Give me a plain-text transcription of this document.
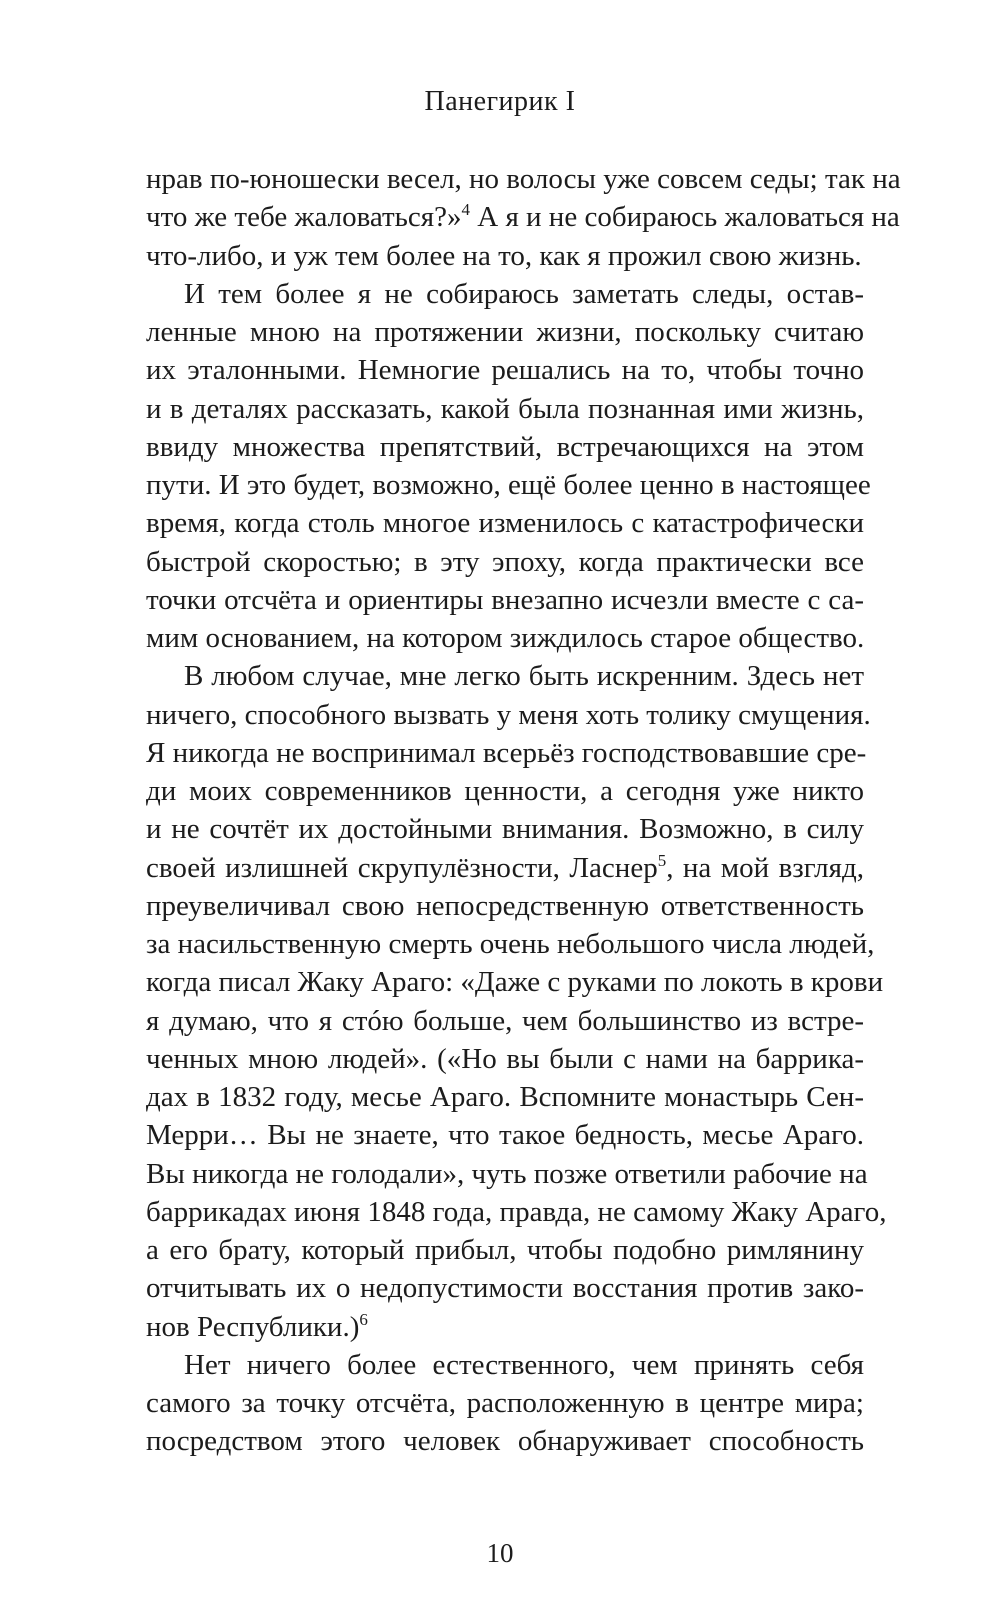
Панегирик I
нрав по-юношески весел, но волосы уже совсем седы; так на
что же тебе жаловаться?»$^4$ А я и не собираюсь жаловаться на
что-либо, и уж тем более на то, как я прожил свою жизнь.
И тем более я не собираюсь заметать следы, остав-
ленные мною на протяжении жизни, поскольку считаю
их эталонными. Немногие решались на то, чтобы точно
и в деталях рассказать, какой была познанная ими жизнь,
ввиду множества препятствий, встречающихся на этом
пути. И это будет, возможно, ещё более ценно в настоящее
время, когда столь многое изменилось с катастрофически
быстрой скоростью; в эту эпоху, когда практически все
точки отсчёта и ориентиры внезапно исчезли вместе с са-
мим основанием, на котором зиждилось старое общество.
В любом случае, мне легко быть искренним. Здесь нет
ничего, способного вызвать у меня хоть толику смущения.
Я никогда не воспринимал всерьёз господствовавшие сре-
ди моих современников ценности, а сегодня уже никто
и не сочтёт их достойными внимания. Возможно, в силу
своей излишней скрупулёзности, Ласнер$^5$, на мой взгляд,
преувеличивал свою непосредственную ответственность
за насильственную смерть очень небольшого числа людей,
когда писал Жаку Араго: «Даже с руками по локоть в крови
я думаю, что я стóю больше, чем большинство из встре-
ченных мною людей». («Но вы были с нами на баррика-
дах в 1832 году, месье Араго. Вспомните монастырь Сен-
Мерри… Вы не знаете, что такое бедность, месье Араго.
Вы никогда не голодали», чуть позже ответили рабочие на
баррикадах июня 1848 года, правда, не самому Жаку Араго,
а его брату, который прибыл, чтобы подобно римлянину
отчитывать их о недопустимости восстания против зако-
нов Республики.)$^6$
Нет ничего более естественного, чем принять себя
самого за точку отсчёта, расположенную в центре мира;
посредством этого человек обнаруживает способность
10
